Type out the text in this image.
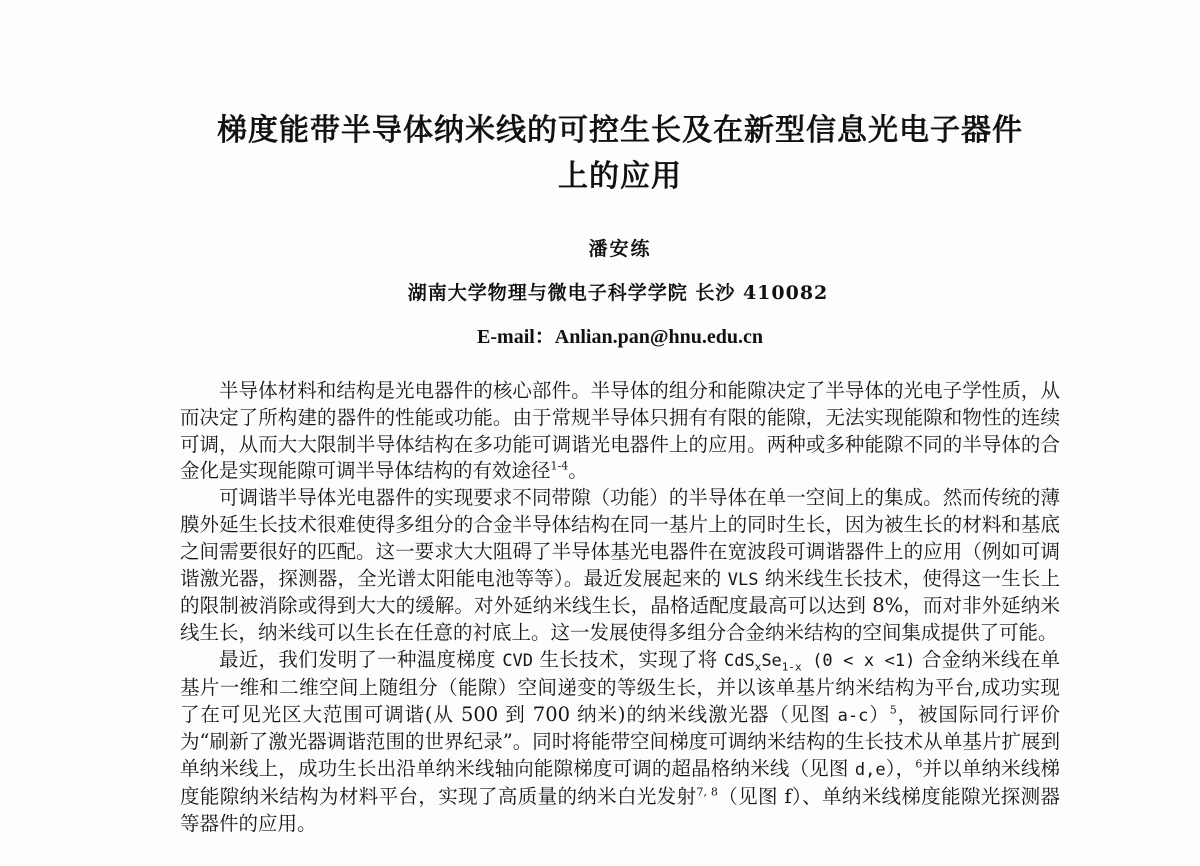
梯度能带半导体纳米线的可控生长及在新型信息光电子器件
上的应用
潘安练
湖南大学物理与微电子科学学院 长沙 410082
E-mail：Anlian.pan@hnu.edu.cn

半导体材料和结构是光电器件的核心部件。半导体的组分和能隙决定了半导体的光电子学性质，从而决定了所构建的器件的性能或功能。由于常规半导体只拥有有限的能隙，无法实现能隙和物性的连续可调，从而大大限制半导体结构在多功能可调谐光电器件上的应用。两种或多种能隙不同的半导体的合金化是实现能隙可调半导体结构的有效途径$^{1-4}$。

可调谐半导体光电器件的实现要求不同带隙（功能）的半导体在单一空间上的集成。然而传统的薄膜外延生长技术很难使得多组分的合金半导体结构在同一基片上的同时生长，因为被生长的材料和基底之间需要很好的匹配。这一要求大大阻碍了半导体基光电器件在宽波段可调谐器件上的应用（例如可调谐激光器，探测器，全光谱太阳能电池等等）。最近发展起来的 VLS 纳米线生长技术，使得这一生长上的限制被消除或得到大大的缓解。对外延纳米线生长，晶格适配度最高可以达到 8%，而对非外延纳米线生长，纳米线可以生长在任意的衬底上。这一发展使得多组分合金纳米结构的空间集成提供了可能。

最近，我们发明了一种温度梯度 CVD 生长技术，实现了将 $CdS_xSe_{1-x}$ (0 < x <1) 合金纳米线在单基片一维和二维空间上随组分（能隙）空间递变的等级生长，并以该单基片纳米结构为平台,成功实现了在可见光区大范围可调谐(从 500 到 700 纳米)的纳米线激光器（见图 a-c）$^5$，被国际同行评价为“刷新了激光器调谐范围的世界纪录”。同时将能带空间梯度可调纳米结构的生长技术从单基片扩展到单纳米线上，成功生长出沿单纳米线轴向能隙梯度可调的超晶格纳米线（见图 d,e），$^6$并以单纳米线梯度能隙纳米结构为材料平台，实现了高质量的纳米白光发射$^{7, 8}$（见图 f）、单纳米线梯度能隙光探测器等器件的应用。
